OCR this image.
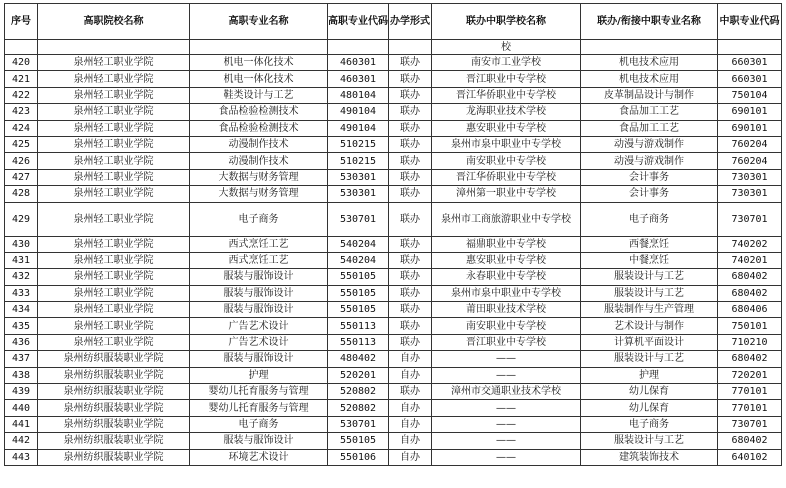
序号	高职院校名称	高职专业名称	高职专业代码	办学形式	联办中职学校名称	联办/衔接中职专业名称	中职专业代码
					校		
420	泉州轻工职业学院	机电一体化技术	460301	联办	南安市工业学校	机电技术应用	660301
421	泉州轻工职业学院	机电一体化技术	460301	联办	晋江职业中专学校	机电技术应用	660301
422	泉州轻工职业学院	鞋类设计与工艺	480104	联办	晋江华侨职业中专学校	皮革制品设计与制作	750104
423	泉州轻工职业学院	食品检验检测技术	490104	联办	龙海职业技术学校	食品加工工艺	690101
424	泉州轻工职业学院	食品检验检测技术	490104	联办	惠安职业中专学校	食品加工工艺	690101
425	泉州轻工职业学院	动漫制作技术	510215	联办	泉州市泉中职业中专学校	动漫与游戏制作	760204
426	泉州轻工职业学院	动漫制作技术	510215	联办	南安职业中专学校	动漫与游戏制作	760204
427	泉州轻工职业学院	大数据与财务管理	530301	联办	晋江华侨职业中专学校	会计事务	730301
428	泉州轻工职业学院	大数据与财务管理	530301	联办	漳州第一职业中专学校	会计事务	730301
429	泉州轻工职业学院	电子商务	530701	联办	泉州市工商旅游职业中专学校	电子商务	730701
430	泉州轻工职业学院	西式烹饪工艺	540204	联办	福鼎职业中专学校	西餐烹饪	740202
431	泉州轻工职业学院	西式烹饪工艺	540204	联办	惠安职业中专学校	中餐烹饪	740201
432	泉州轻工职业学院	服装与服饰设计	550105	联办	永春职业中专学校	服装设计与工艺	680402
433	泉州轻工职业学院	服装与服饰设计	550105	联办	泉州市泉中职业中专学校	服装设计与工艺	680402
434	泉州轻工职业学院	服装与服饰设计	550105	联办	莆田职业技术学校	服装制作与生产管理	680406
435	泉州轻工职业学院	广告艺术设计	550113	联办	南安职业中专学校	艺术设计与制作	750101
436	泉州轻工职业学院	广告艺术设计	550113	联办	晋江职业中专学校	计算机平面设计	710210
437	泉州纺织服装职业学院	服装与服饰设计	480402	自办	——	服装设计与工艺	680402
438	泉州纺织服装职业学院	护理	520201	自办	——	护理	720201
439	泉州纺织服装职业学院	婴幼儿托育服务与管理	520802	联办	漳州市交通职业技术学校	幼儿保育	770101
440	泉州纺织服装职业学院	婴幼儿托育服务与管理	520802	自办	——	幼儿保育	770101
441	泉州纺织服装职业学院	电子商务	530701	自办	——	电子商务	730701
442	泉州纺织服装职业学院	服装与服饰设计	550105	自办	——	服装设计与工艺	680402
443	泉州纺织服装职业学院	环境艺术设计	550106	自办	——	建筑装饰技术	640102
